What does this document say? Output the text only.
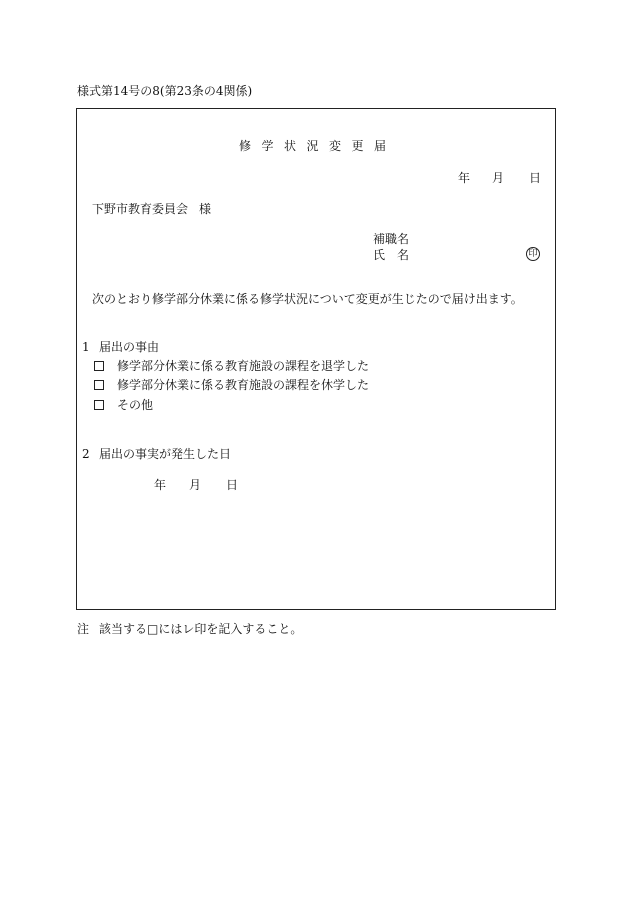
様式第14号の8(第23条の4関係)
修学状況変更届
年 月 日
下野市教育委員会 様
補職名
氏 名	印
次のとおり修学部分休業に係る修学状況について変更が生じたので届け出ます。
1 届出の事由
修学部分休業に係る教育施設の課程を退学した
修学部分休業に係る教育施設の課程を休学した
その他
2 届出の事実が発生した日
年 月 日
注 該当する□にはレ印を記入すること。
